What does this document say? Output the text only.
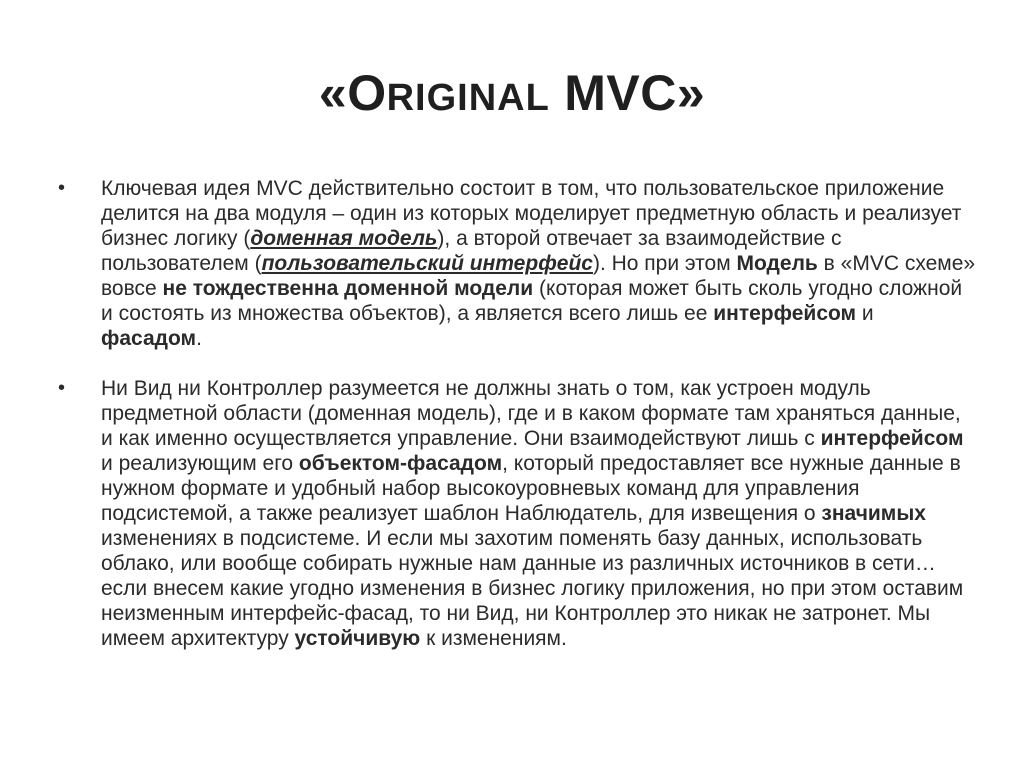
«ORIGINAL MVC»
• Ключевая идея MVC действительно состоит в том, что пользовательское приложение делится на два модуля – один из которых моделирует предметную область и реализует бизнес логику (доменная модель), а второй отвечает за взаимодействие с пользователем (пользовательский интерфейс). Но при этом Модель в «MVC схеме» вовсе не тождественна доменной модели (которая может быть сколь угодно сложной и состоять из множества объектов), а является всего лишь ее интерфейсом и фасадом.
• Ни Вид ни Контроллер разумеется не должны знать о том, как устроен модуль предметной области (доменная модель), где и в каком формате там храняться данные, и как именно осуществляется управление. Они взаимодействуют лишь с интерфейсом и реализующим его объектом-фасадом, который предоставляет все нужные данные в нужном формате и удобный набор высокоуровневых команд для управления подсистемой, а также реализует шаблон Наблюдатель, для извещения о значимых изменениях в подсистеме. И если мы захотим поменять базу данных, использовать облако, или вообще собирать нужные нам данные из различных источников в сети… если внесем какие угодно изменения в бизнес логику приложения, но при этом оставим неизменным интерфейс-фасад, то ни Вид, ни Контроллер это никак не затронет. Мы имеем архитектуру устойчивую к изменениям.
